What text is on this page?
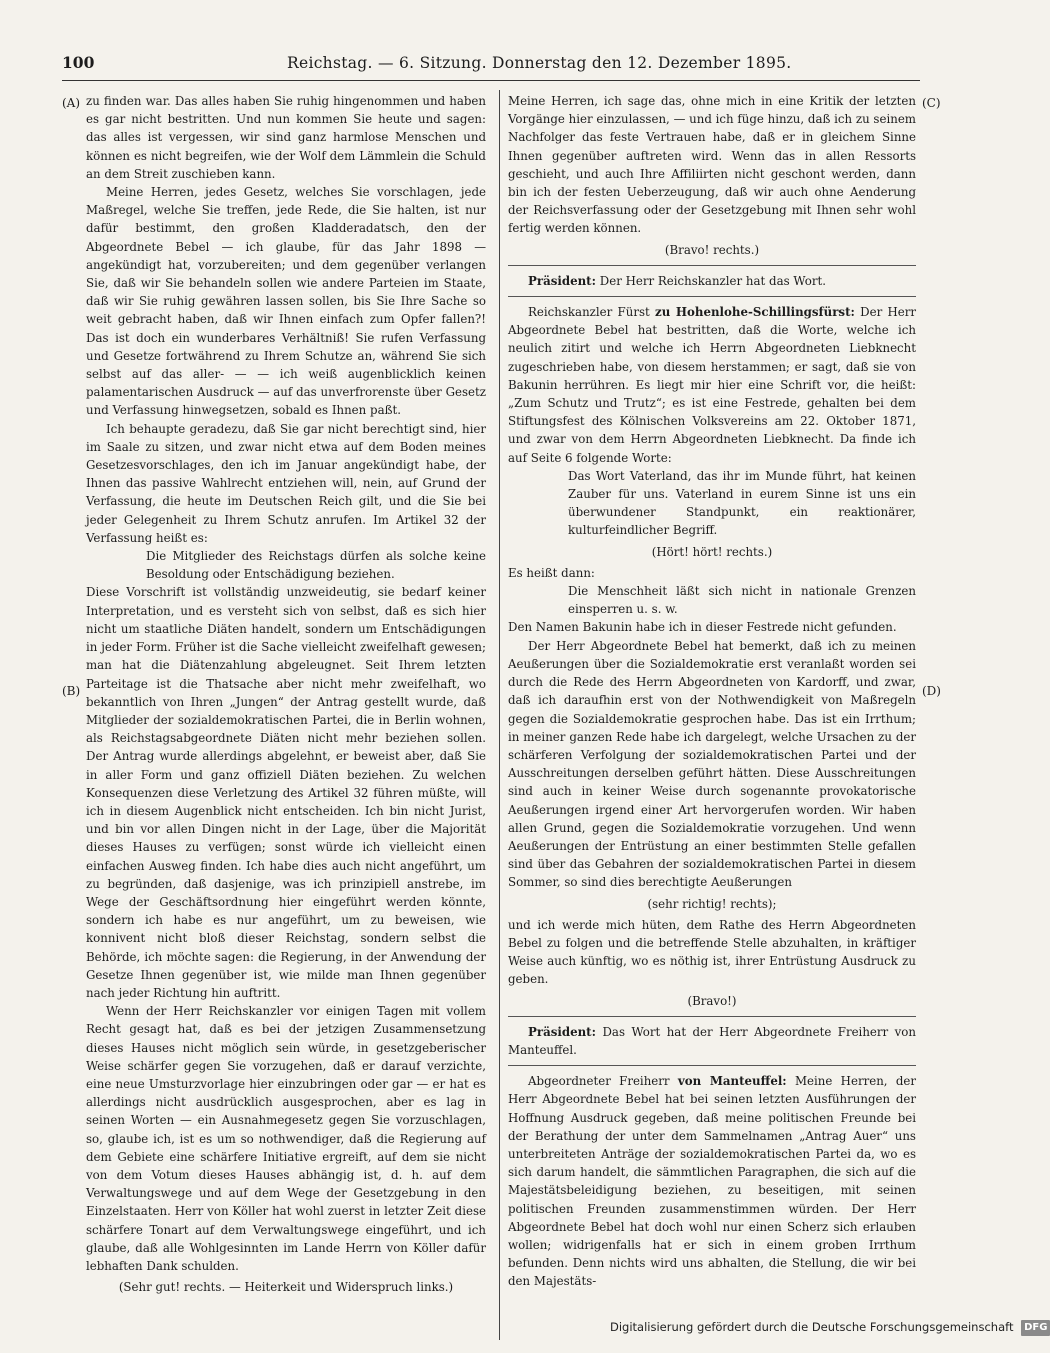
100	Reichstag. — 6. Sitzung. Donnerstag den 12. Dezember 1895.
(A)
(B)
(C)
(D)

zu finden war. Das alles haben Sie ruhig hingenommen und haben es gar nicht bestritten. Und nun kommen Sie heute und sagen: das alles ist vergessen, wir sind ganz harmlose Menschen und können es nicht begreifen, wie der Wolf dem Lämmlein die Schuld an dem Streit zuschieben kann.

Meine Herren, jedes Gesetz, welches Sie vorschlagen, jede Maßregel, welche Sie treffen, jede Rede, die Sie halten, ist nur dafür bestimmt, den großen Kladderadatsch, den der Abgeordnete Bebel — ich glaube, für das Jahr 1898 — angekündigt hat, vorzubereiten; und dem gegenüber verlangen Sie, daß wir Sie behandeln sollen wie andere Parteien im Staate, daß wir Sie ruhig gewähren lassen sollen, bis Sie Ihre Sache so weit gebracht haben, daß wir Ihnen einfach zum Opfer fallen?! Das ist doch ein wunderbares Verhältniß! Sie rufen Verfassung und Gesetze fortwährend zu Ihrem Schutze an, während Sie sich selbst auf das aller- — — ich weiß augenblicklich keinen palamentarischen Ausdruck — auf das unverfrorenste über Gesetz und Verfassung hinwegsetzen, sobald es Ihnen paßt.

Ich behaupte geradezu, daß Sie gar nicht berechtigt sind, hier im Saale zu sitzen, und zwar nicht etwa auf dem Boden meines Gesetzesvorschlages, den ich im Januar angekündigt habe, der Ihnen das passive Wahlrecht entziehen will, nein, auf Grund der Verfassung, die heute im Deutschen Reich gilt, und die Sie bei jeder Gelegenheit zu Ihrem Schutz anrufen. Im Artikel 32 der Verfassung heißt es:

Die Mitglieder des Reichstags dürfen als solche keine Besoldung oder Entschädigung beziehen.

Diese Vorschrift ist vollständig unzweideutig, sie bedarf keiner Interpretation, und es versteht sich von selbst, daß es sich hier nicht um staatliche Diäten handelt, sondern um Entschädigungen in jeder Form. Früher ist die Sache vielleicht zweifelhaft gewesen; man hat die Diätenzahlung abgeleugnet. Seit Ihrem letzten Parteitage ist die Thatsache aber nicht mehr zweifelhaft, wo bekanntlich von Ihren „Jungen“ der Antrag gestellt wurde, daß Mitglieder der sozialdemokratischen Partei, die in Berlin wohnen, als Reichstagsabgeordnete Diäten nicht mehr beziehen sollen. Der Antrag wurde allerdings abgelehnt, er beweist aber, daß Sie in aller Form und ganz offiziell Diäten beziehen. Zu welchen Konsequenzen diese Verletzung des Artikel 32 führen müßte, will ich in diesem Augenblick nicht entscheiden. Ich bin nicht Jurist, und bin vor allen Dingen nicht in der Lage, über die Majorität dieses Hauses zu verfügen; sonst würde ich vielleicht einen einfachen Ausweg finden. Ich habe dies auch nicht angeführt, um zu begründen, daß dasjenige, was ich prinzipiell anstrebe, im Wege der Geschäftsordnung hier eingeführt werden könnte, sondern ich habe es nur angeführt, um zu beweisen, wie konnivent nicht bloß dieser Reichstag, sondern selbst die Behörde, ich möchte sagen: die Regierung, in der Anwendung der Gesetze Ihnen gegenüber ist, wie milde man Ihnen gegenüber nach jeder Richtung hin auftritt.

Wenn der Herr Reichskanzler vor einigen Tagen mit vollem Recht gesagt hat, daß es bei der jetzigen Zusammensetzung dieses Hauses nicht möglich sein würde, in gesetzgeberischer Weise schärfer gegen Sie vorzugehen, daß er darauf verzichte, eine neue Umsturzvorlage hier einzubringen oder gar — er hat es allerdings nicht ausdrücklich ausgesprochen, aber es lag in seinen Worten — ein Ausnahmegesetz gegen Sie vorzuschlagen, so, glaube ich, ist es um so nothwendiger, daß die Regierung auf dem Gebiete eine schärfere Initiative ergreift, auf dem sie nicht von dem Votum dieses Hauses abhängig ist, d. h. auf dem Verwaltungswege und auf dem Wege der Gesetzgebung in den Einzelstaaten. Herr von Köller hat wohl zuerst in letzter Zeit diese schärfere Tonart auf dem Verwaltungswege eingeführt, und ich glaube, daß alle Wohlgesinnten im Lande Herrn von Köller dafür lebhaften Dank schulden.

(Sehr gut! rechts. — Heiterkeit und Widerspruch links.)

Meine Herren, ich sage das, ohne mich in eine Kritik der letzten Vorgänge hier einzulassen, — und ich füge hinzu, daß ich zu seinem Nachfolger das feste Vertrauen habe, daß er in gleichem Sinne Ihnen gegenüber auftreten wird. Wenn das in allen Ressorts geschieht, und auch Ihre Affiliirten nicht geschont werden, dann bin ich der festen Ueberzeugung, daß wir auch ohne Aenderung der Reichsverfassung oder der Gesetzgebung mit Ihnen sehr wohl fertig werden können.

(Bravo! rechts.)

Präsident: Der Herr Reichskanzler hat das Wort.

Reichskanzler Fürst zu Hohenlohe-Schillingsfürst: Der Herr Abgeordnete Bebel hat bestritten, daß die Worte, welche ich neulich zitirt und welche ich Herrn Abgeordneten Liebknecht zugeschrieben habe, von diesem herstammen; er sagt, daß sie von Bakunin herrühren. Es liegt mir hier eine Schrift vor, die heißt: „Zum Schutz und Trutz“; es ist eine Festrede, gehalten bei dem Stiftungsfest des Kölnischen Volksvereins am 22. Oktober 1871, und zwar von dem Herrn Abgeordneten Liebknecht. Da finde ich auf Seite 6 folgende Worte:

Das Wort Vaterland, das ihr im Munde führt, hat keinen Zauber für uns. Vaterland in eurem Sinne ist uns ein überwundener Standpunkt, ein reaktionärer, kulturfeindlicher Begriff.

(Hört! hört! rechts.)

Es heißt dann:

Die Menschheit läßt sich nicht in nationale Grenzen einsperren u. s. w.

Den Namen Bakunin habe ich in dieser Festrede nicht gefunden.

Der Herr Abgeordnete Bebel hat bemerkt, daß ich zu meinen Aeußerungen über die Sozialdemokratie erst veranlaßt worden sei durch die Rede des Herrn Abgeordneten von Kardorff, und zwar, daß ich daraufhin erst von der Nothwendigkeit von Maßregeln gegen die Sozialdemokratie gesprochen habe. Das ist ein Irrthum; in meiner ganzen Rede habe ich dargelegt, welche Ursachen zu der schärferen Verfolgung der sozialdemokratischen Partei und der Ausschreitungen derselben geführt hätten. Diese Ausschreitungen sind auch in keiner Weise durch sogenannte provokatorische Aeußerungen irgend einer Art hervorgerufen worden. Wir haben allen Grund, gegen die Sozialdemokratie vorzugehen. Und wenn Aeußerungen der Entrüstung an einer bestimmten Stelle gefallen sind über das Gebahren der sozialdemokratischen Partei in diesem Sommer, so sind dies berechtigte Aeußerungen

(sehr richtig! rechts);

und ich werde mich hüten, dem Rathe des Herrn Abgeordneten Bebel zu folgen und die betreffende Stelle abzuhalten, in kräftiger Weise auch künftig, wo es nöthig ist, ihrer Entrüstung Ausdruck zu geben.

(Bravo!)

Präsident: Das Wort hat der Herr Abgeordnete Freiherr von Manteuffel.

Abgeordneter Freiherr von Manteuffel: Meine Herren, der Herr Abgeordnete Bebel hat bei seinen letzten Ausführungen der Hoffnung Ausdruck gegeben, daß meine politischen Freunde bei der Berathung der unter dem Sammelnamen „Antrag Auer“ uns unterbreiteten Anträge der sozialdemokratischen Partei da, wo es sich darum handelt, die sämmtlichen Paragraphen, die sich auf die Majestätsbeleidigung beziehen, zu beseitigen, mit seinen politischen Freunden zusammenstimmen würden. Der Herr Abgeordnete Bebel hat doch wohl nur einen Scherz sich erlauben wollen; widrigenfalls hat er sich in einem groben Irrthum befunden. Denn nichts wird uns abhalten, die Stellung, die wir bei den Majestäts-

Digitalisierung gefördert durch die Deutsche Forschungsgemeinschaft DFG
